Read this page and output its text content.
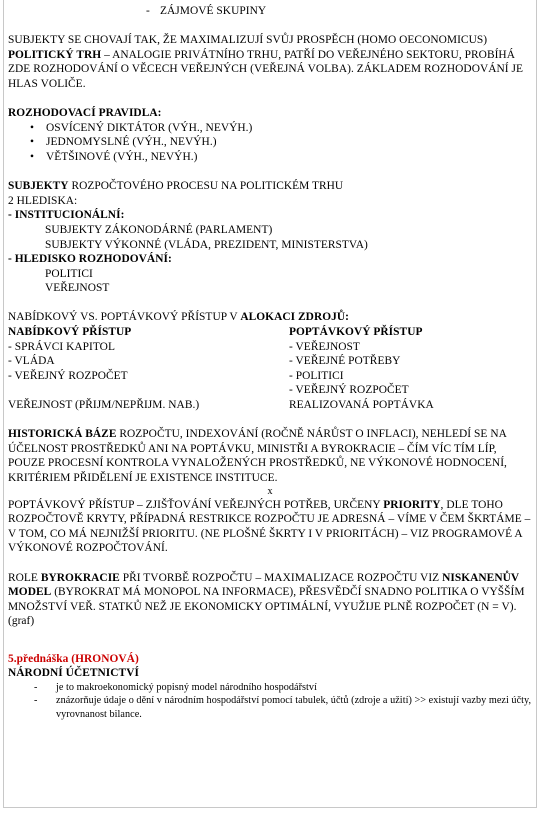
- ZÁJMOVÉ SKUPINY
SUBJEKTY SE CHOVAJÍ TAK, ŽE MAXIMALIZUJÍ SVŮJ PROSPĚCH (HOMO OECONOMICUS)
POLITICKÝ TRH – ANALOGIE PRIVÁTNÍHO TRHU, PATŘÍ DO VEŘEJNÉHO SEKTORU, PROBÍHÁ ZDE ROZHODOVÁNÍ O VĚCECH VEŘEJNÝCH (VEŘEJNÁ VOLBA). ZÁKLADEM ROZHODOVÁNÍ JE HLAS VOLIČE.
ROZHODOVACÍ PRAVIDLA:
• OSVÍCENÝ DIKTÁTOR (VÝH., NEVÝH.)
• JEDNOMYSLNÉ (VÝH., NEVÝH.)
• VĚTŠINOVÉ (VÝH., NEVÝH.)
SUBJEKTY ROZPOČTOVÉHO PROCESU NA POLITICKÉM TRHU
2 HLEDISKA:
- INSTITUCIONÁLNÍ:
SUBJEKTY ZÁKONODÁRNÉ (PARLAMENT)
SUBJEKTY VÝKONNÉ (VLÁDA, PREZIDENT, MINISTERSTVA)
- HLEDISKO ROZHODOVÁNÍ:
POLITICI
VEŘEJNOST
NABÍDKOVÝ VS. POPTÁVKOVÝ PŘÍSTUP V ALOKACI ZDROJŮ:
NABÍDKOVÝ PŘÍSTUP
- SPRÁVCI KAPITOL
- VLÁDA
- VEŘEJNÝ ROZPOČET

VEŘEJNOST (PŘIJM/NEPŘIJM. NAB.)
POPTÁVKOVÝ PŘÍSTUP
- VEŘEJNOST
- VEŘEJNÉ POTŘEBY
- POLITICI
- VEŘEJNÝ ROZPOČET
REALIZOVANÁ POPTÁVKA
HISTORICKÁ BÁZE ROZPOČTU, INDEXOVÁNÍ (ROČNĚ NÁRŮST O INFLACI), NEHLEDÍ SE NA ÚČELNOST PROSTŘEDKŮ ANI NA POPTÁVKU, MINISTŘI A BYROKRACIE – ČÍM VÍC TÍM LÍP, POUZE PROCESNÍ KONTROLA VYNALOŽENÝCH PROSTŘEDKŮ, NE VÝKONOVÉ HODNOCENÍ, KRITÉRIEM PŘIDĚLENÍ JE EXISTENCE INSTITUCE.
x
POPTÁVKOVÝ PŘÍSTUP – ZJIŠŤOVÁNÍ VEŘEJNÝCH POTŘEB, URČENY PRIORITY, DLE TOHO ROZPOČTOVĚ KRYTY, PŘÍPADNÁ RESTRIKCE ROZPOČTU JE ADRESNÁ – VÍME V ČEM ŠKRTÁME – V TOM, CO MÁ NEJNIŽŠÍ PRIORITU. (NE PLOŠNÉ ŠKRTY I V PRIORITÁCH) – VIZ PROGRAMOVÉ A VÝKONOVÉ ROZPOČTOVÁNÍ.
ROLE BYROKRACIE PŘI TVORBĚ ROZPOČTU – MAXIMALIZACE ROZPOČTU VIZ NISKANENŮV MODEL (BYROKRAT MÁ MONOPOL NA INFORMACE), PŘESVĚDČÍ SNADNO POLITIKA O VYŠŠÍM MNOŽSTVÍ VEŘ. STATKŮ NEŽ JE EKONOMICKY OPTIMÁLNÍ, VYUŽIJE PLNĚ ROZPOČET (N = V). (graf)
5.přednáška (HRONOVÁ)
NÁRODNÍ ÚČETNICTVÍ
- je to makroekonomický popisný model národního hospodářství
- znázorňuje údaje o dění v národním hospodářství pomocí tabulek, účtů (zdroje a užití) >> existují vazby mezi účty, vyrovnanost bilance.
